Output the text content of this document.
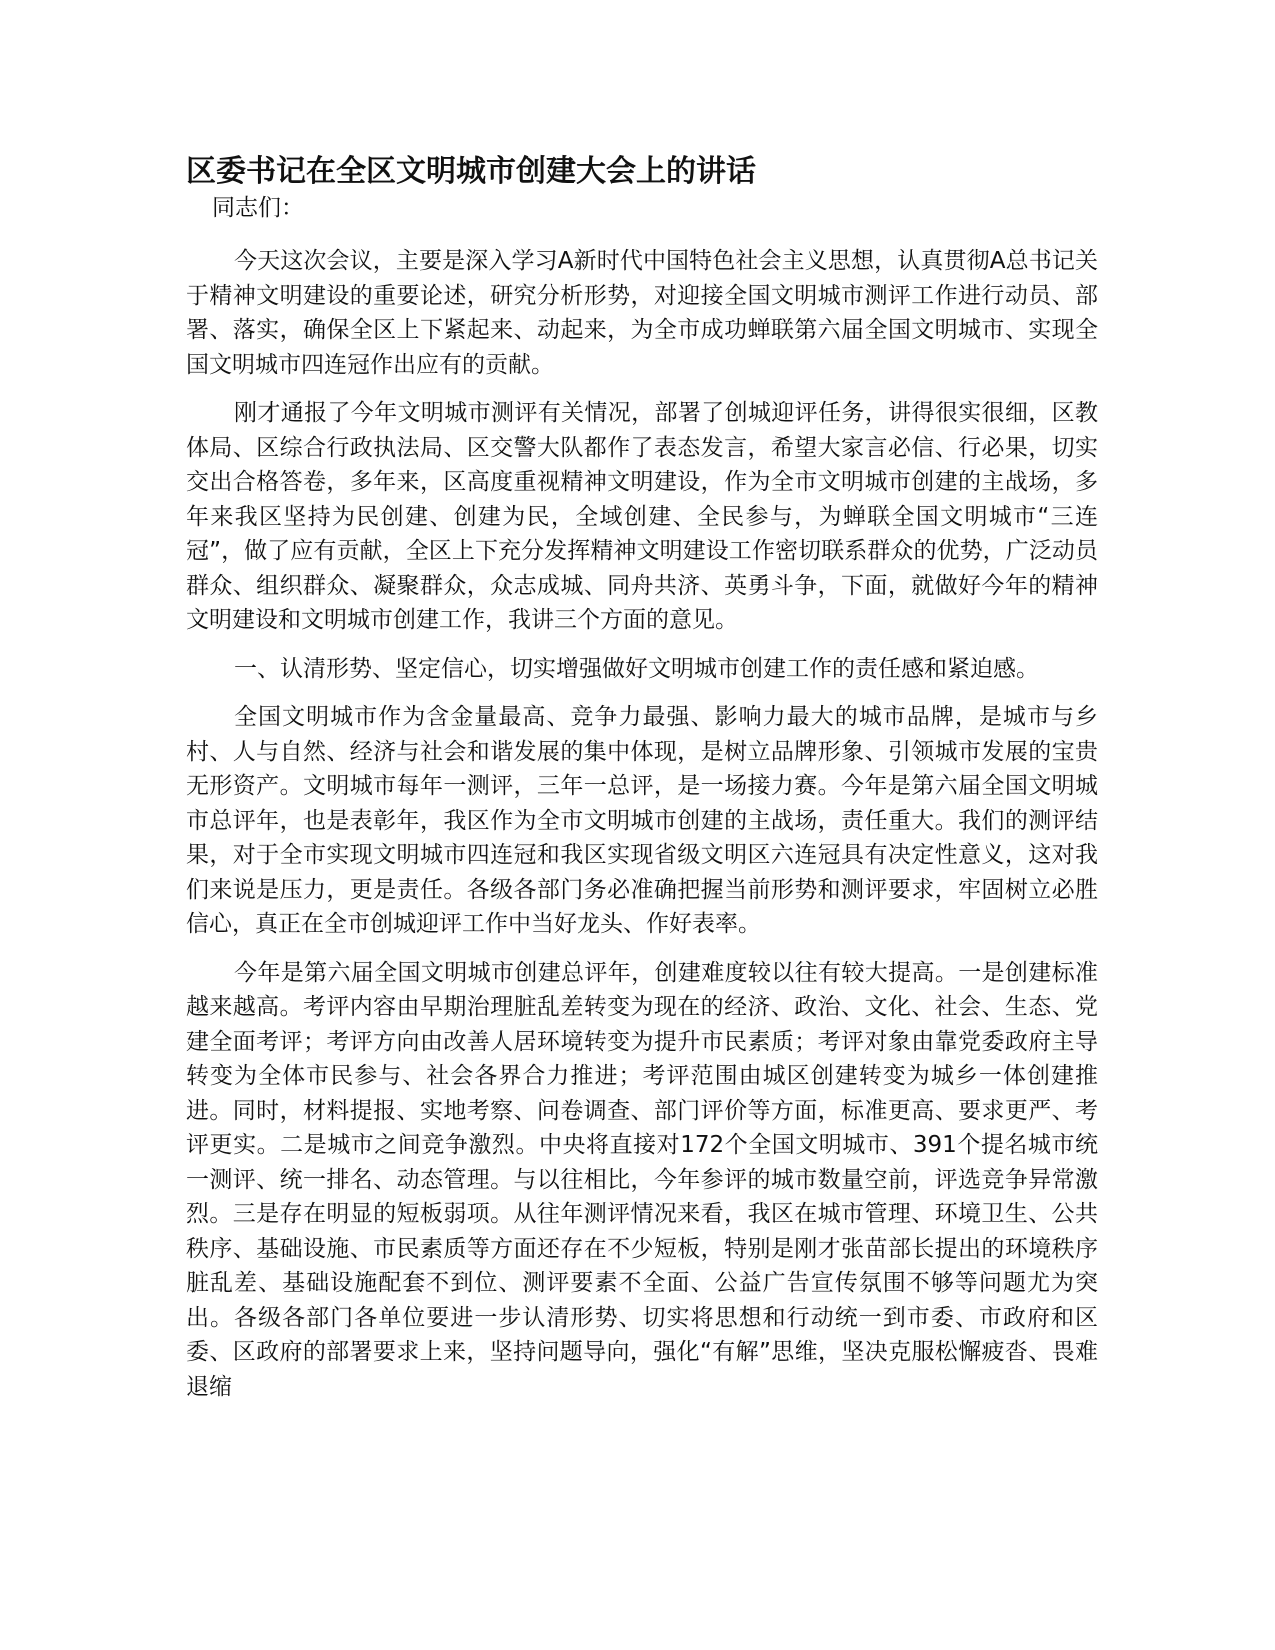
区委书记在全区文明城市创建大会上的讲话

同志们：

今天这次会议，主要是深入学习A新时代中国特色社会主义思想，认真贯彻A总书记关于精神文明建设的重要论述，研究分析形势，对迎接全国文明城市测评工作进行动员、部署、落实，确保全区上下紧起来、动起来，为全市成功蝉联第六届全国文明城市、实现全国文明城市四连冠作出应有的贡献。

刚才通报了今年文明城市测评有关情况，部署了创城迎评任务，讲得很实很细，区教体局、区综合行政执法局、区交警大队都作了表态发言，希望大家言必信、行必果，切实交出合格答卷，多年来，区高度重视精神文明建设，作为全市文明城市创建的主战场，多年来我区坚持为民创建、创建为民，全域创建、全民参与，为蝉联全国文明城市“三连冠”，做了应有贡献，全区上下充分发挥精神文明建设工作密切联系群众的优势，广泛动员群众、组织群众、凝聚群众，众志成城、同舟共济、英勇斗争，下面，就做好今年的精神文明建设和文明城市创建工作，我讲三个方面的意见。

一、认清形势、坚定信心，切实增强做好文明城市创建工作的责任感和紧迫感。

全国文明城市作为含金量最高、竞争力最强、影响力最大的城市品牌，是城市与乡村、人与自然、经济与社会和谐发展的集中体现，是树立品牌形象、引领城市发展的宝贵无形资产。文明城市每年一测评，三年一总评，是一场接力赛。今年是第六届全国文明城市总评年，也是表彰年，我区作为全市文明城市创建的主战场，责任重大。我们的测评结果，对于全市实现文明城市四连冠和我区实现省级文明区六连冠具有决定性意义，这对我们来说是压力，更是责任。各级各部门务必准确把握当前形势和测评要求，牢固树立必胜信心，真正在全市创城迎评工作中当好龙头、作好表率。

今年是第六届全国文明城市创建总评年，创建难度较以往有较大提高。一是创建标准越来越高。考评内容由早期治理脏乱差转变为现在的经济、政治、文化、社会、生态、党建全面考评；考评方向由改善人居环境转变为提升市民素质；考评对象由靠党委政府主导转变为全体市民参与、社会各界合力推进；考评范围由城区创建转变为城乡一体创建推进。同时，材料提报、实地考察、问卷调查、部门评价等方面，标准更高、要求更严、考评更实。二是城市之间竞争激烈。中央将直接对172个全国文明城市、391个提名城市统一测评、统一排名、动态管理。与以往相比，今年参评的城市数量空前，评选竞争异常激烈。三是存在明显的短板弱项。从往年测评情况来看，我区在城市管理、环境卫生、公共秩序、基础设施、市民素质等方面还存在不少短板，特别是刚才张苗部长提出的环境秩序脏乱差、基础设施配套不到位、测评要素不全面、公益广告宣传氛围不够等问题尤为突出。各级各部门各单位要进一步认清形势、切实将思想和行动统一到市委、市政府和区委、区政府的部署要求上来，坚持问题导向，强化“有解”思维，坚决克服松懈疲沓、畏难退缩
